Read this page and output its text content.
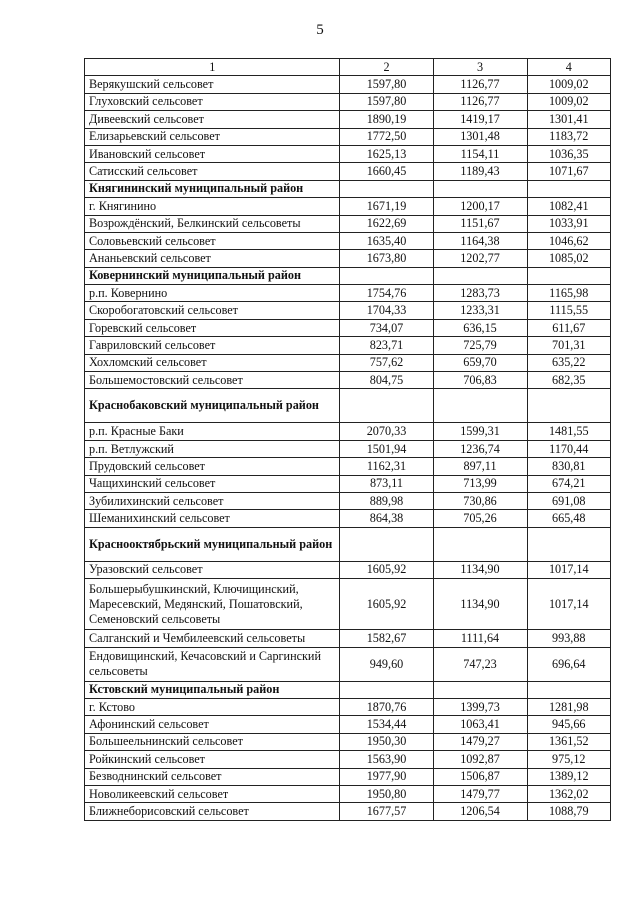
5
1	2	3	4
Верякушский сельсовет	1597,80	1126,77	1009,02
Глуховский сельсовет	1597,80	1126,77	1009,02
Дивеевский сельсовет	1890,19	1419,17	1301,41
Елизарьевский сельсовет	1772,50	1301,48	1183,72
Ивановский сельсовет	1625,13	1154,11	1036,35
Сатисский сельсовет	1660,45	1189,43	1071,67
Княгининский муниципальный район			
г. Княгинино	1671,19	1200,17	1082,41
Возрождёнский, Белкинский сельсоветы	1622,69	1151,67	1033,91
Соловьевский сельсовет	1635,40	1164,38	1046,62
Ананьевский сельсовет	1673,80	1202,77	1085,02
Ковернинский муниципальный район			
р.п. Ковернино	1754,76	1283,73	1165,98
Скоробогатовский сельсовет	1704,33	1233,31	1115,55
Горевский сельсовет	734,07	636,15	611,67
Гавриловский сельсовет	823,71	725,79	701,31
Хохломский сельсовет	757,62	659,70	635,22
Большемостовский сельсовет	804,75	706,83	682,35
Краснобаковский муниципальный район			
р.п. Красные Баки	2070,33	1599,31	1481,55
р.п. Ветлужский	1501,94	1236,74	1170,44
Прудовский сельсовет	1162,31	897,11	830,81
Чащихинский сельсовет	873,11	713,99	674,21
Зубилихинский сельсовет	889,98	730,86	691,08
Шеманихинский сельсовет	864,38	705,26	665,48
Краснооктябрьский муниципальный район			
Уразовский сельсовет	1605,92	1134,90	1017,14
Большерыбушкинский, Ключищинский, Маресевский, Медянский, Пошатовский, Семеновский сельсоветы	1605,92	1134,90	1017,14
Салганский и Чембилеевский сельсоветы	1582,67	1111,64	993,88
Ендовищинский, Кечасовский и Саргинский сельсоветы	949,60	747,23	696,64
Кстовский муниципальный район			
г. Кстово	1870,76	1399,73	1281,98
Афонинский сельсовет	1534,44	1063,41	945,66
Большеельнинский сельсовет	1950,30	1479,27	1361,52
Ройкинский сельсовет	1563,90	1092,87	975,12
Безводнинский сельсовет	1977,90	1506,87	1389,12
Новоликеевский сельсовет	1950,80	1479,77	1362,02
Ближнеборисовский сельсовет	1677,57	1206,54	1088,79
